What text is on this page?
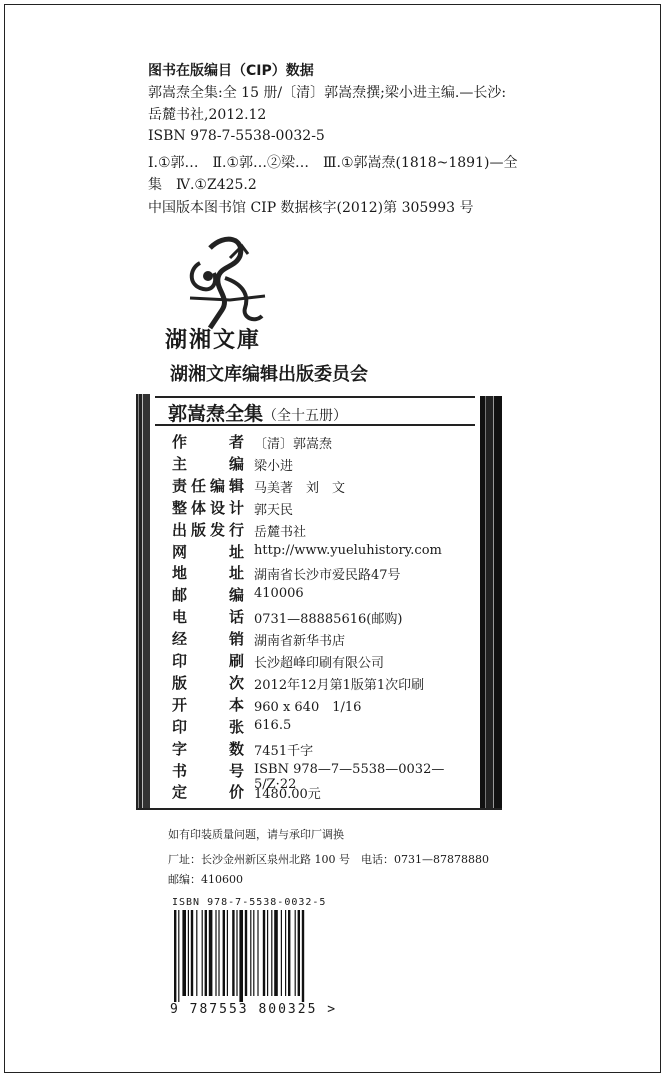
图书在版编目（CIP）数据
郭嵩焘全集:全 15 册/〔清〕郭嵩焘撰;梁小进主编.—长沙:
岳麓书社,2012.12
ISBN 978-7-5538-0032-5
Ⅰ.①郭…　Ⅱ.①郭…②梁…　Ⅲ.①郭嵩焘(1818~1891)—全
集　Ⅳ.①Z425.2
中国版本图书馆 CIP 数据核字(2012)第 305993 号
湖湘文庫
湖湘文库编辑出版委员会
郭嵩焘全集（全十五册）
作	者 〔清〕郭嵩焘
主	编 梁小进
责 任 编 辑 马美著　刘　文
整 体 设 计 郭天民
出 版 发 行 岳麓书社
网	址 http://www.yueluhistory.com
地	址 湖南省长沙市爱民路47号
邮	编 410006
电	话 0731—88885616(邮购)
经	销 湖南省新华书店
印	刷 长沙超峰印刷有限公司
版	次 2012年12月第1版第1次印刷
开	本 960 x 640　1/16
印	张 616.5
字	数 7451千字
书	号 ISBN 978—7—5538—0032—5/Z·22
定	价 1480.00元
如有印装质量问题，请与承印厂调换
厂址：长沙金州新区泉州北路 100 号　电话：0731—87878880
邮编：410600
ISBN 978-7-5538-0032-5
9 787553 800325 >
